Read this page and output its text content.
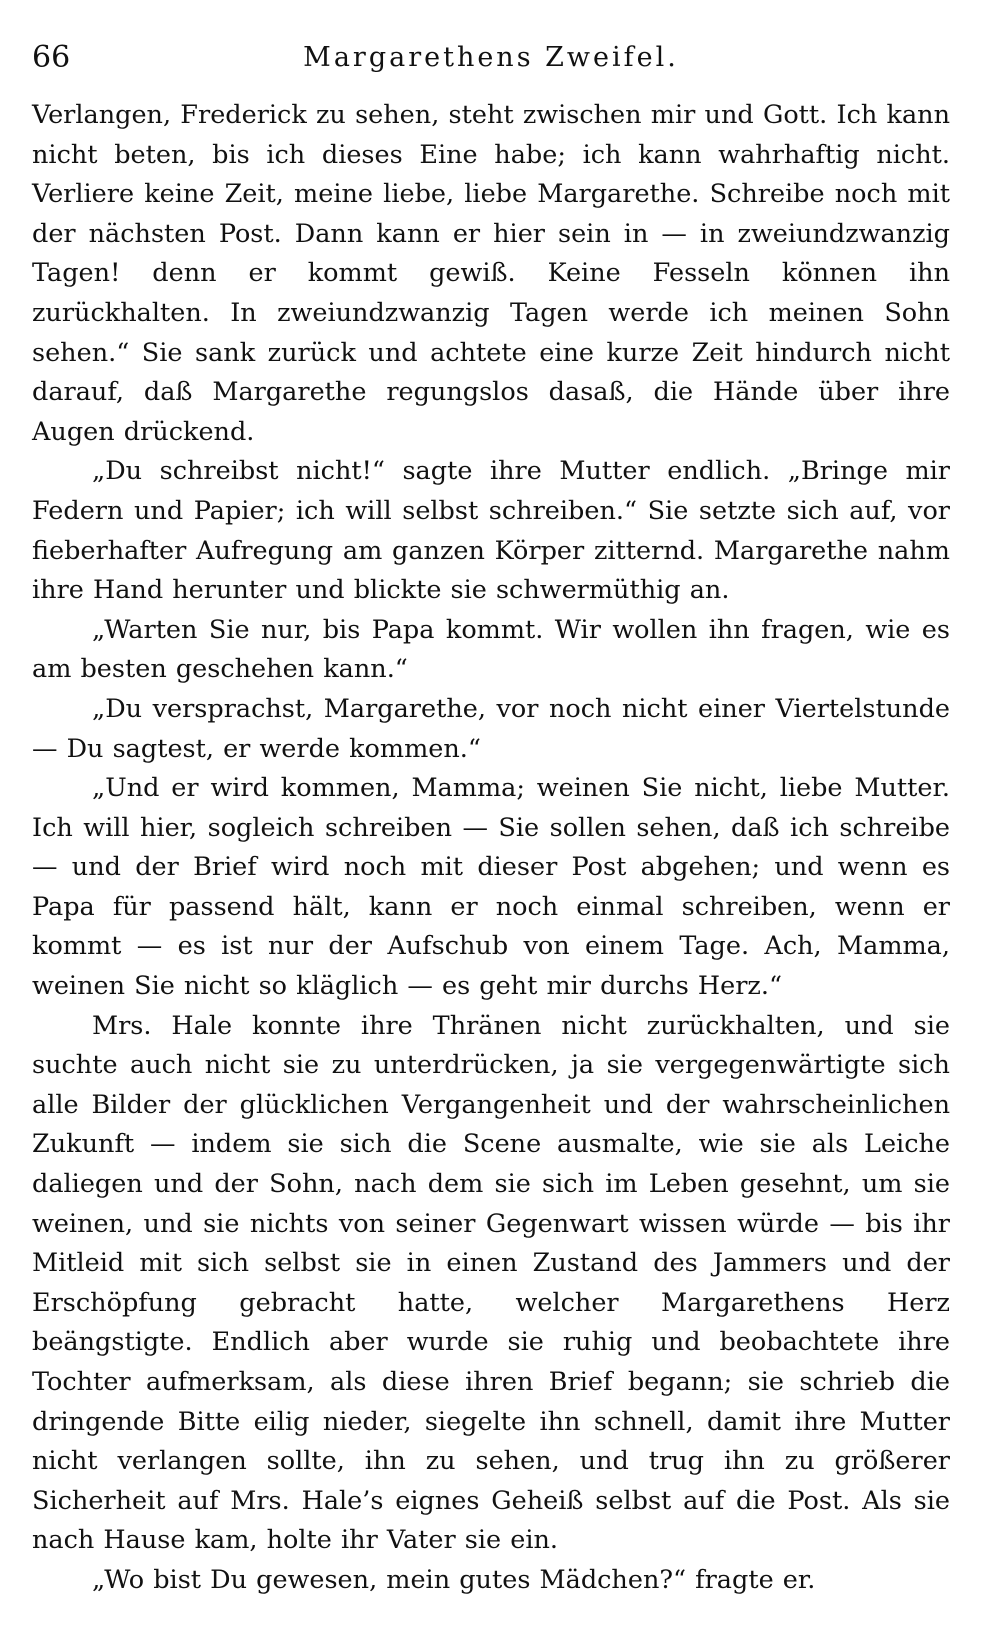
66	Margarethens Zweifel.

Verlangen, Frederick zu sehen, steht zwischen mir und Gott. Ich kann nicht beten, bis ich dieses Eine habe; ich kann wahrhaftig nicht. Verliere keine Zeit, meine liebe, liebe Margarethe. Schreibe noch mit der nächsten Post. Dann kann er hier sein in — in zweiundzwanzig Tagen! denn er kommt gewiß. Keine Fesseln können ihn zurückhalten. In zweiundzwanzig Tagen werde ich meinen Sohn sehen.“ Sie sank zurück und achtete eine kurze Zeit hindurch nicht darauf, daß Margarethe regungslos dasaß, die Hände über ihre Augen drückend.

„Du schreibst nicht!“ sagte ihre Mutter endlich. „Bringe mir Federn und Papier; ich will selbst schreiben.“ Sie setzte sich auf, vor fieberhafter Aufregung am ganzen Körper zitternd. Margarethe nahm ihre Hand herunter und blickte sie schwermüthig an.

„Warten Sie nur, bis Papa kommt. Wir wollen ihn fragen, wie es am besten geschehen kann.“

„Du versprachst, Margarethe, vor noch nicht einer Viertelstunde — Du sagtest, er werde kommen.“

„Und er wird kommen, Mamma; weinen Sie nicht, liebe Mutter. Ich will hier, sogleich schreiben — Sie sollen sehen, daß ich schreibe — und der Brief wird noch mit dieser Post abgehen; und wenn es Papa für passend hält, kann er noch einmal schreiben, wenn er kommt — es ist nur der Aufschub von einem Tage. Ach, Mamma, weinen Sie nicht so kläglich — es geht mir durchs Herz.“

Mrs. Hale konnte ihre Thränen nicht zurückhalten, und sie suchte auch nicht sie zu unterdrücken, ja sie vergegenwärtigte sich alle Bilder der glücklichen Vergangenheit und der wahrscheinlichen Zukunft — indem sie sich die Scene ausmalte, wie sie als Leiche daliegen und der Sohn, nach dem sie sich im Leben gesehnt, um sie weinen, und sie nichts von seiner Gegenwart wissen würde — bis ihr Mitleid mit sich selbst sie in einen Zustand des Jammers und der Erschöpfung gebracht hatte, welcher Margarethens Herz beängstigte. Endlich aber wurde sie ruhig und beobachtete ihre Tochter aufmerksam, als diese ihren Brief begann; sie schrieb die dringende Bitte eilig nieder, siegelte ihn schnell, damit ihre Mutter nicht verlangen sollte, ihn zu sehen, und trug ihn zu größerer Sicherheit auf Mrs. Hale’s eignes Geheiß selbst auf die Post. Als sie nach Hause kam, holte ihr Vater sie ein.

„Wo bist Du gewesen, mein gutes Mädchen?“ fragte er.
